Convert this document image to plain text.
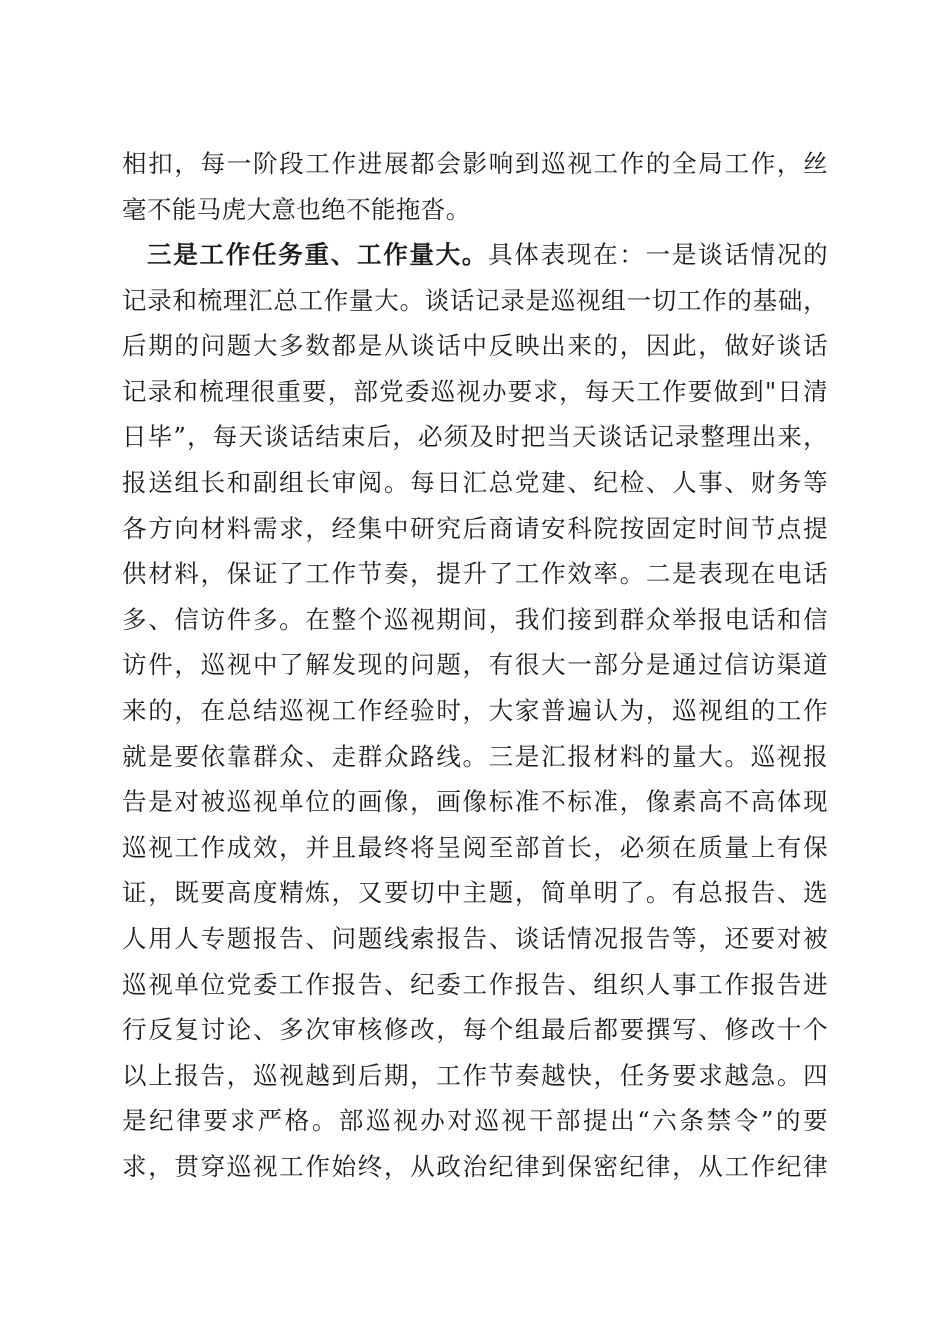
相扣，每一阶段工作进展都会影响到巡视工作的全局工作，丝
毫不能马虎大意也绝不能拖沓。
三是工作任务重、工作量大。具体表现在：一是谈话情况的
记录和梳理汇总工作量大。谈话记录是巡视组一切工作的基础，
后期的问题大多数都是从谈话中反映出来的，因此，做好谈话
记录和梳理很重要，部党委巡视办要求，每天工作要做到"日清
日毕”，每天谈话结束后，必须及时把当天谈话记录整理出来，
报送组长和副组长审阅。每日汇总党建、纪检、人事、财务等
各方向材料需求，经集中研究后商请安科院按固定时间节点提
供材料，保证了工作节奏，提升了工作效率。二是表现在电话
多、信访件多。在整个巡视期间，我们接到群众举报电话和信
访件，巡视中了解发现的问题，有很大一部分是通过信访渠道
来的，在总结巡视工作经验时，大家普遍认为，巡视组的工作
就是要依靠群众、走群众路线。三是汇报材料的量大。巡视报
告是对被巡视单位的画像，画像标准不标准，像素高不高体现
巡视工作成效，并且最终将呈阅至部首长，必须在质量上有保
证，既要高度精炼，又要切中主题，简单明了。有总报告、选
人用人专题报告、问题线索报告、谈话情况报告等，还要对被
巡视单位党委工作报告、纪委工作报告、组织人事工作报告进
行反复讨论、多次审核修改，每个组最后都要撰写、修改十个
以上报告，巡视越到后期，工作节奏越快，任务要求越急。四
是纪律要求严格。部巡视办对巡视干部提出“六条禁令”的要
求，贯穿巡视工作始终，从政治纪律到保密纪律，从工作纪律
